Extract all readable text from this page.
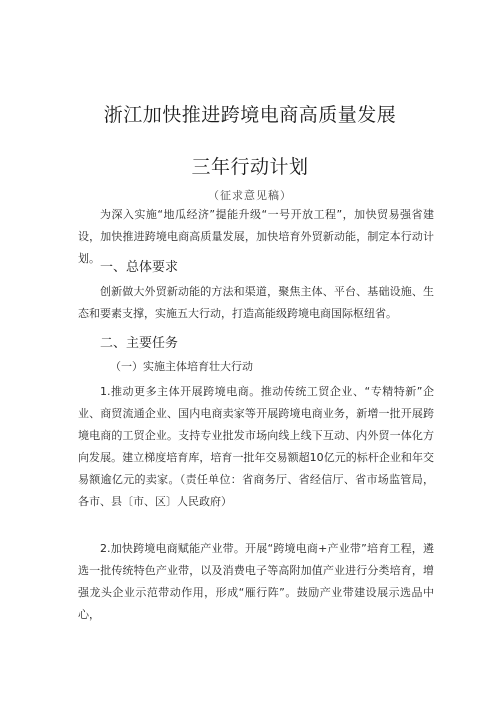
浙江加快推进跨境电商高质量发展
三年行动计划
（征求意见稿）
为深入实施“地瓜经济”提能升级“一号开放工程”，加快贸易强省建设，加快推进跨境电商高质量发展，加快培育外贸新动能，制定本行动计划。
一、总体要求
创新做大外贸新动能的方法和渠道，聚焦主体、平台、基础设施、生态和要素支撑，实施五大行动，打造高能级跨境电商国际枢纽省。
二、主要任务
（一）实施主体培育壮大行动
1.推动更多主体开展跨境电商。推动传统工贸企业、“专精特新”企业、商贸流通企业、国内电商卖家等开展跨境电商业务，新增一批开展跨境电商的工贸企业。支持专业批发市场向线上线下互动、内外贸一体化方向发展。建立梯度培育库，培育一批年交易额超10亿元的标杆企业和年交易额逾亿元的卖家。（责任单位：省商务厅、省经信厅、省市场监管局，各市、县〔市、区〕人民政府）
2.加快跨境电商赋能产业带。开展“跨境电商+产业带”培育工程，遴选一批传统特色产业带，以及消费电子等高附加值产业进行分类培育，增强龙头企业示范带动作用，形成“雁行阵”。鼓励产业带建设展示选品中心，
